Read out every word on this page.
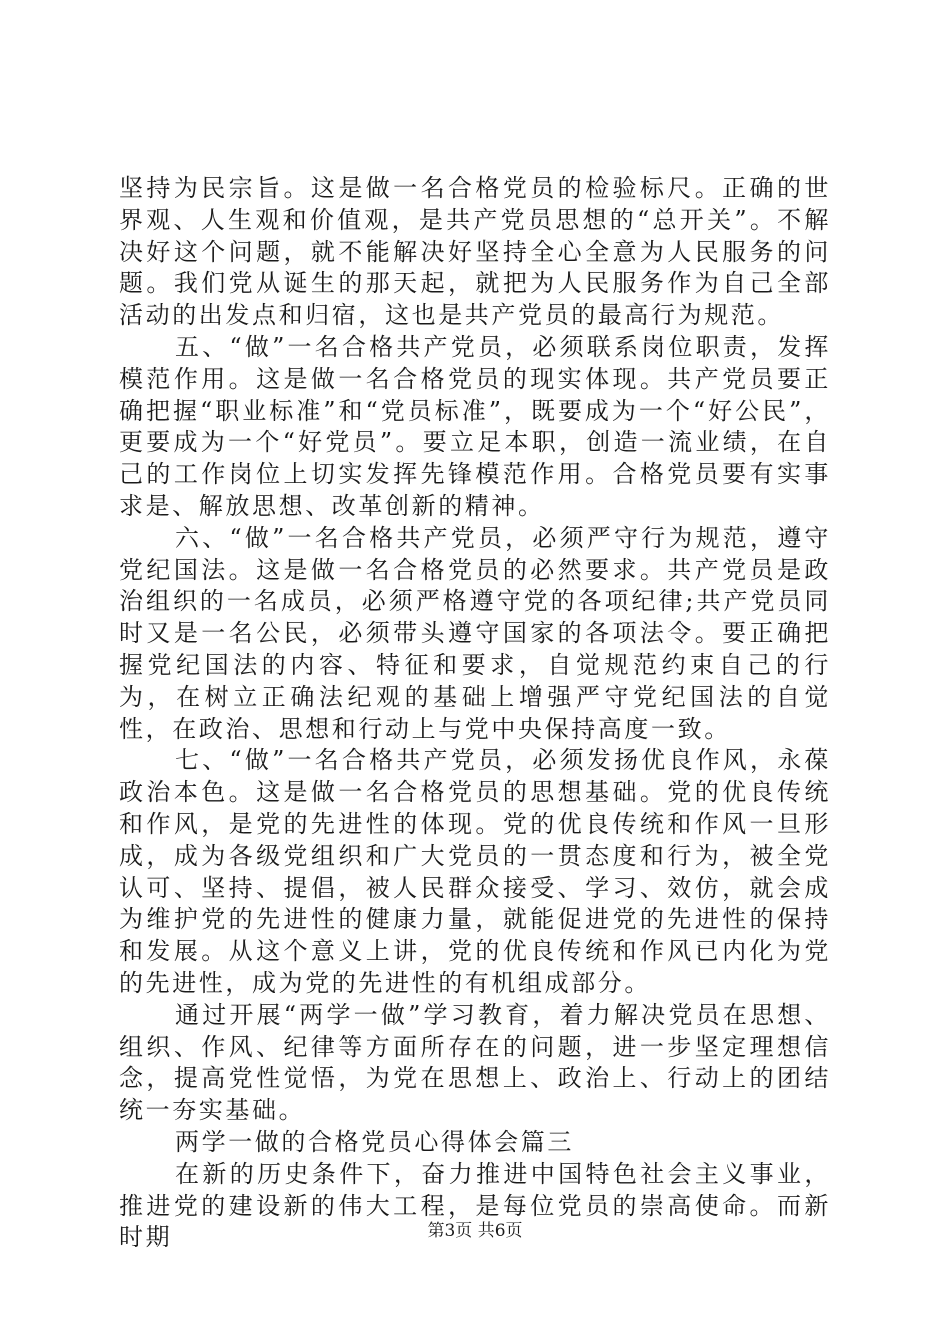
坚持为民宗旨。这是做一名合格党员的检验标尺。正确的世界观、人生观和价值观，是共产党员思想的“总开关”。不解决好这个问题，就不能解决好坚持全心全意为人民服务的问题。我们党从诞生的那天起，就把为人民服务作为自己全部活动的出发点和归宿，这也是共产党员的最高行为规范。

五、“做”一名合格共产党员，必须联系岗位职责，发挥模范作用。这是做一名合格党员的现实体现。共产党员要正确把握“职业标准”和“党员标准”，既要成为一个“好公民”，更要成为一个“好党员”。要立足本职，创造一流业绩，在自己的工作岗位上切实发挥先锋模范作用。合格党员要有实事求是、解放思想、改革创新的精神。

六、“做”一名合格共产党员，必须严守行为规范，遵守党纪国法。这是做一名合格党员的必然要求。共产党员是政治组织的一名成员，必须严格遵守党的各项纪律;共产党员同时又是一名公民，必须带头遵守国家的各项法令。要正确把握党纪国法的内容、特征和要求，自觉规范约束自己的行为，在树立正确法纪观的基础上增强严守党纪国法的自觉性，在政治、思想和行动上与党中央保持高度一致。

七、“做”一名合格共产党员，必须发扬优良作风，永葆政治本色。这是做一名合格党员的思想基础。党的优良传统和作风，是党的先进性的体现。党的优良传统和作风一旦形成，成为各级党组织和广大党员的一贯态度和行为，被全党认可、坚持、提倡，被人民群众接受、学习、效仿，就会成为维护党的先进性的健康力量，就能促进党的先进性的保持和发展。从这个意义上讲，党的优良传统和作风已内化为党的先进性，成为党的先进性的有机组成部分。

通过开展“两学一做”学习教育，着力解决党员在思想、组织、作风、纪律等方面所存在的问题，进一步坚定理想信念，提高党性觉悟，为党在思想上、政治上、行动上的团结统一夯实基础。

两学一做的合格党员心得体会篇三

在新的历史条件下，奋力推进中国特色社会主义事业，推进党的建设新的伟大工程，是每位党员的崇高使命。而新时期	第3页 共6页
